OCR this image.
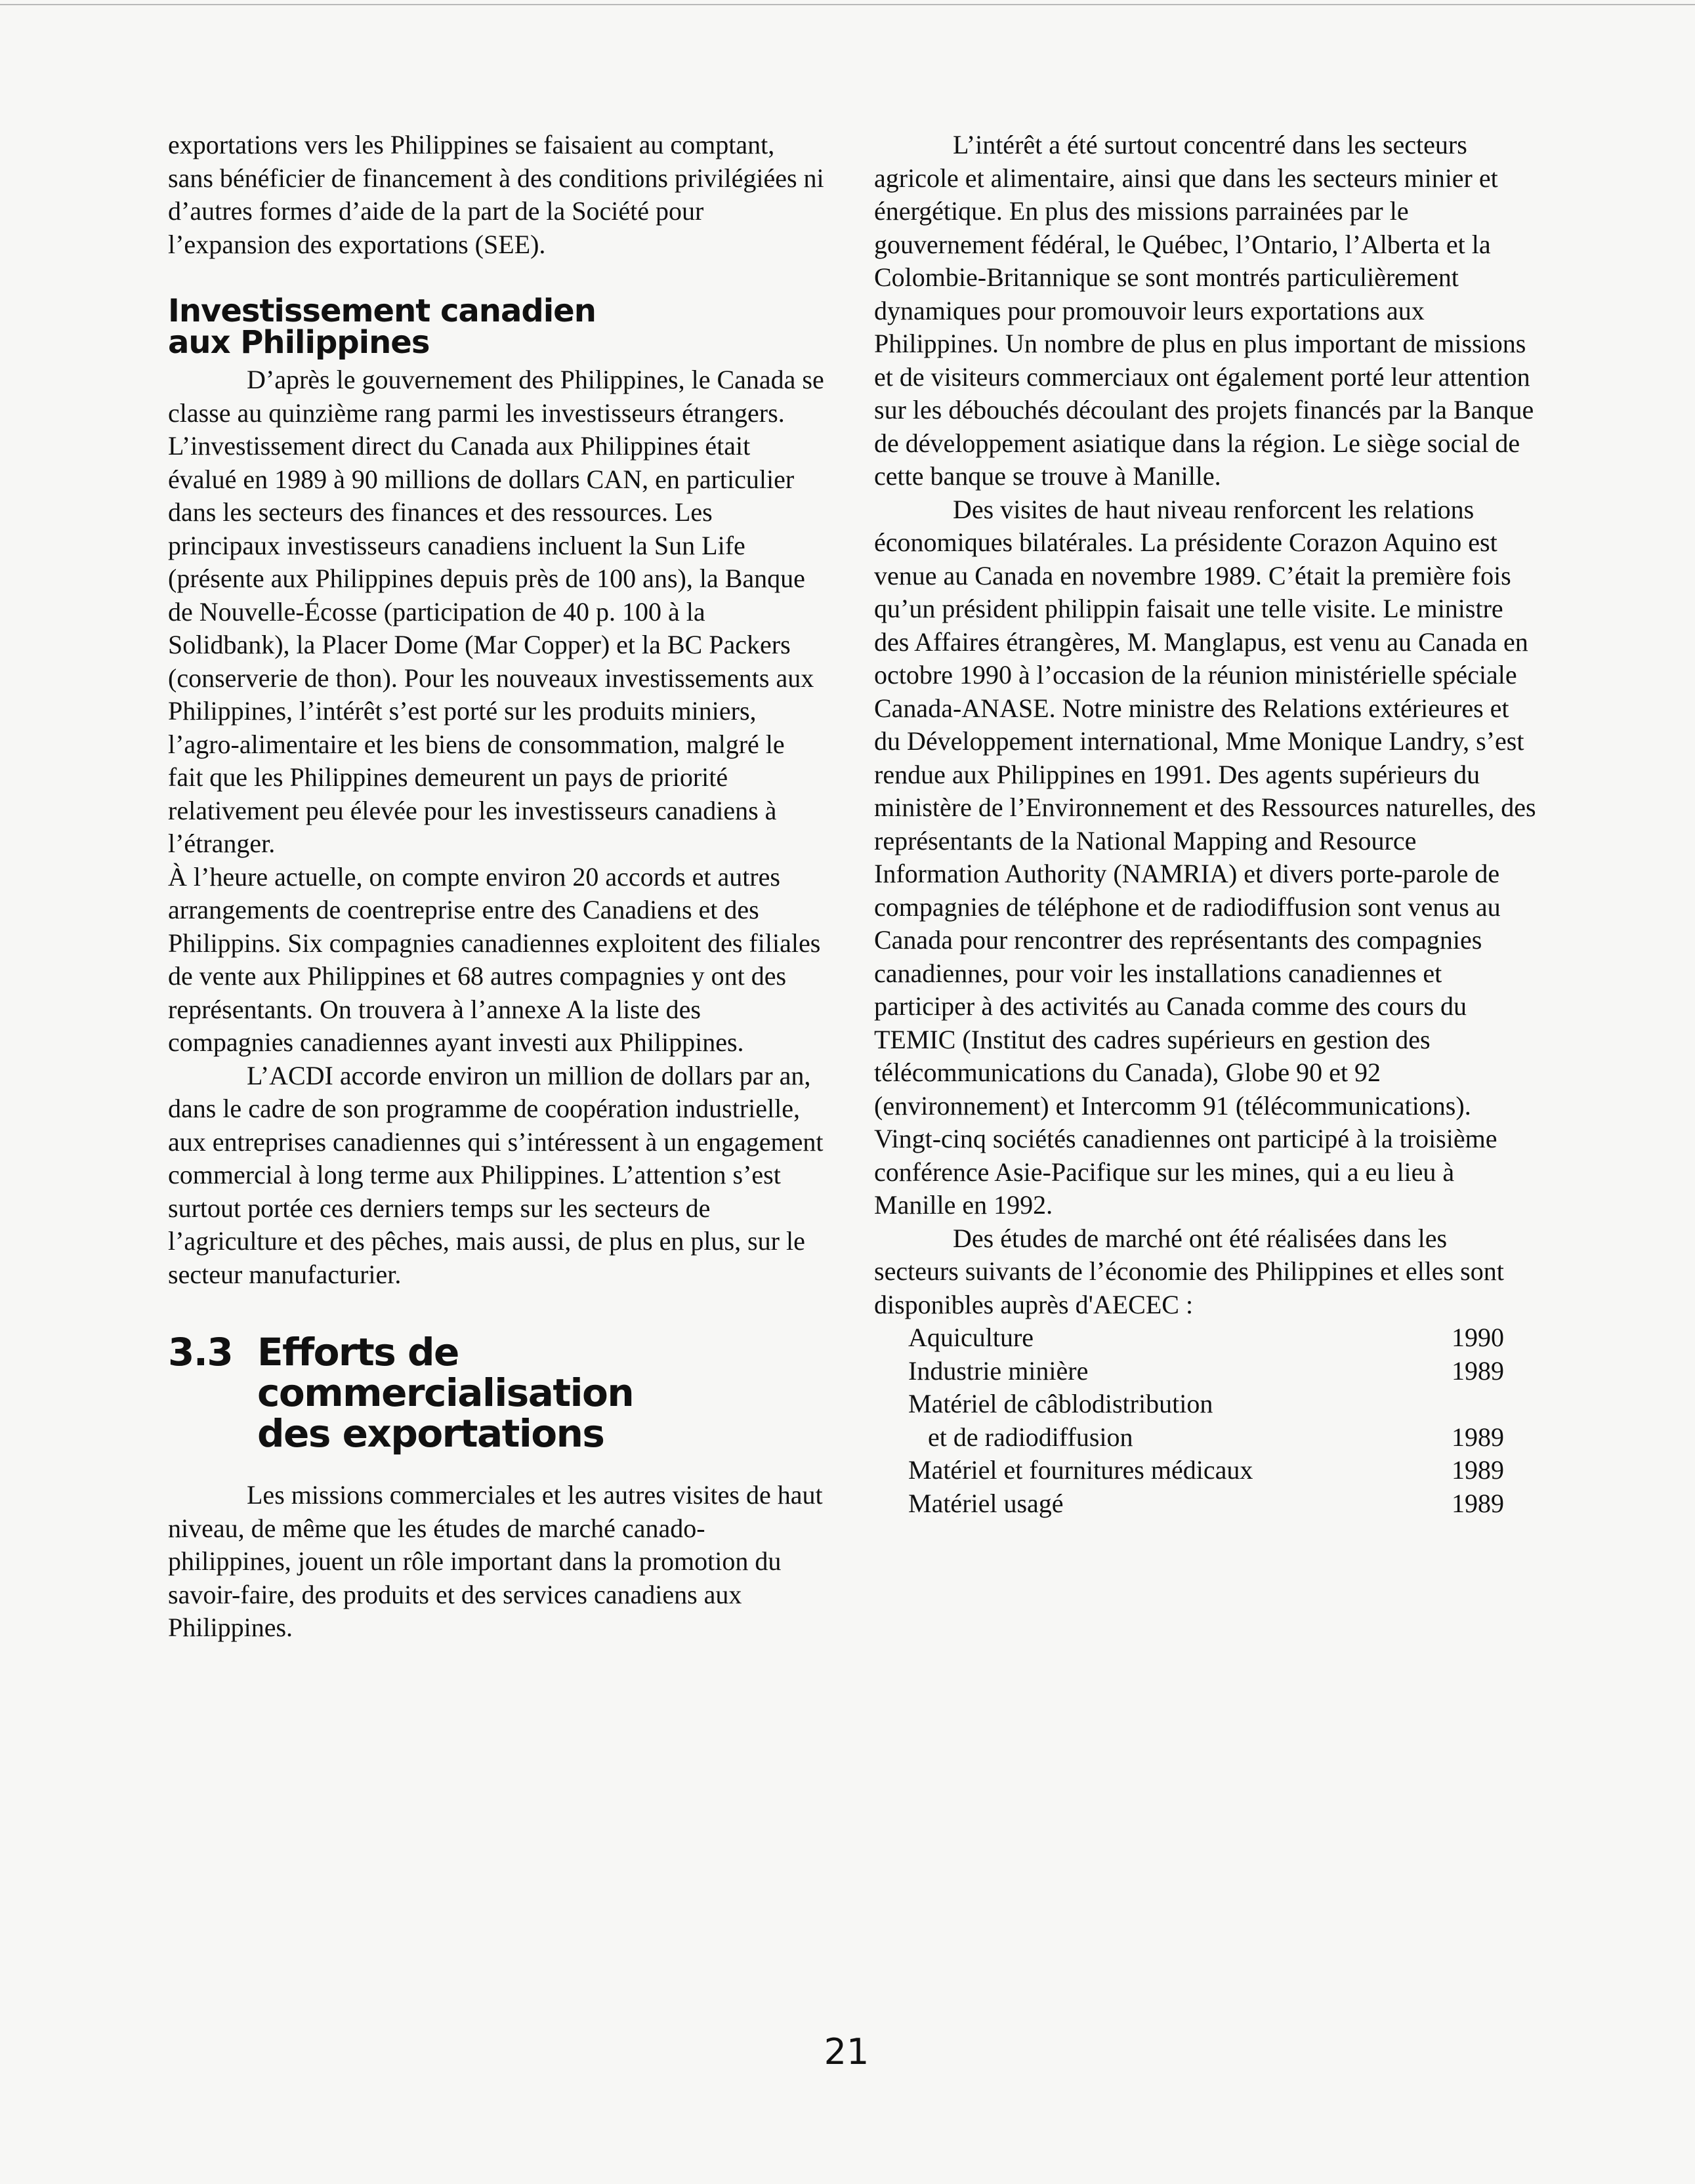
exportations vers les Philippines se faisaient au comptant, sans bénéficier de financement à des conditions privilégiées ni d’autres formes d’aide de la part de la Société pour l’expansion des exportations (SEE).

Investissement canadien
aux Philippines

D’après le gouvernement des Philippines, le Canada se classe au quinzième rang parmi les investisseurs étrangers. L’investissement direct du Canada aux Philippines était évalué en 1989 à 90 millions de dollars CAN, en particulier dans les secteurs des finances et des ressources. Les principaux investisseurs canadiens incluent la Sun Life (présente aux Philippines depuis près de 100 ans), la Banque de Nouvelle-Écosse (participation de 40 p. 100 à la Solidbank), la Placer Dome (Mar Copper) et la BC Packers (conserverie de thon). Pour les nouveaux investissements aux Philippines, l’intérêt s’est porté sur les produits miniers, l’agro-alimentaire et les biens de consommation, malgré le fait que les Philippines demeurent un pays de priorité relativement peu élevée pour les investisseurs canadiens à l’étranger.

À l’heure actuelle, on compte environ 20 accords et autres arrangements de coentreprise entre des Canadiens et des Philippins. Six compagnies canadiennes exploitent des filiales de vente aux Philippines et 68 autres compagnies y ont des représentants. On trouvera à l’annexe A la liste des compagnies canadiennes ayant investi aux Philippines.

L’ACDI accorde environ un million de dollars par an, dans le cadre de son programme de coopération industrielle, aux entreprises canadiennes qui s’intéressent à un engagement commercial à long terme aux Philippines. L’attention s’est surtout portée ces derniers temps sur les secteurs de l’agriculture et des pêches, mais aussi, de plus en plus, sur le secteur manufacturier.

3.3 Efforts de commercialisation
des exportations

Les missions commerciales et les autres visites de haut niveau, de même que les études de marché canado-philippines, jouent un rôle important dans la promotion du savoir-faire, des produits et des services canadiens aux Philippines.

L’intérêt a été surtout concentré dans les secteurs agricole et alimentaire, ainsi que dans les secteurs minier et énergétique. En plus des missions parrainées par le gouvernement fédéral, le Québec, l’Ontario, l’Alberta et la Colombie-Britannique se sont montrés particulièrement dynamiques pour promouvoir leurs exportations aux Philippines. Un nombre de plus en plus important de missions et de visiteurs commerciaux ont également porté leur attention sur les débouchés découlant des projets financés par la Banque de développement asiatique dans la région. Le siège social de cette banque se trouve à Manille.

Des visites de haut niveau renforcent les relations économiques bilatérales. La présidente Corazon Aquino est venue au Canada en novembre 1989. C’était la première fois qu’un président philippin faisait une telle visite. Le ministre des Affaires étrangères, M. Manglapus, est venu au Canada en octobre 1990 à l’occasion de la réunion ministérielle spéciale Canada-ANASE. Notre ministre des Relations extérieures et du Développement international, Mme Monique Landry, s’est rendue aux Philippines en 1991. Des agents supérieurs du ministère de l’Environnement et des Ressources naturelles, des représentants de la National Mapping and Resource Information Authority (NAMRIA) et divers porte-parole de compagnies de téléphone et de radiodiffusion sont venus au Canada pour rencontrer des représentants des compagnies canadiennes, pour voir les installations canadiennes et participer à des activités au Canada comme des cours du TEMIC (Institut des cadres supérieurs en gestion des télécommunications du Canada), Globe 90 et 92 (environnement) et Intercomm 91 (télécommunications). Vingt-cinq sociétés canadiennes ont participé à la troisième conférence Asie-Pacifique sur les mines, qui a eu lieu à Manille en 1992.

Des études de marché ont été réalisées dans les secteurs suivants de l’économie des Philippines et elles sont disponibles auprès d'AECEC :

Aquiculture	1990
Industrie minière	1989
Matériel de câblodistribution
et de radiodiffusion	1989
Matériel et fournitures médicaux	1989
Matériel usagé	1989
21
